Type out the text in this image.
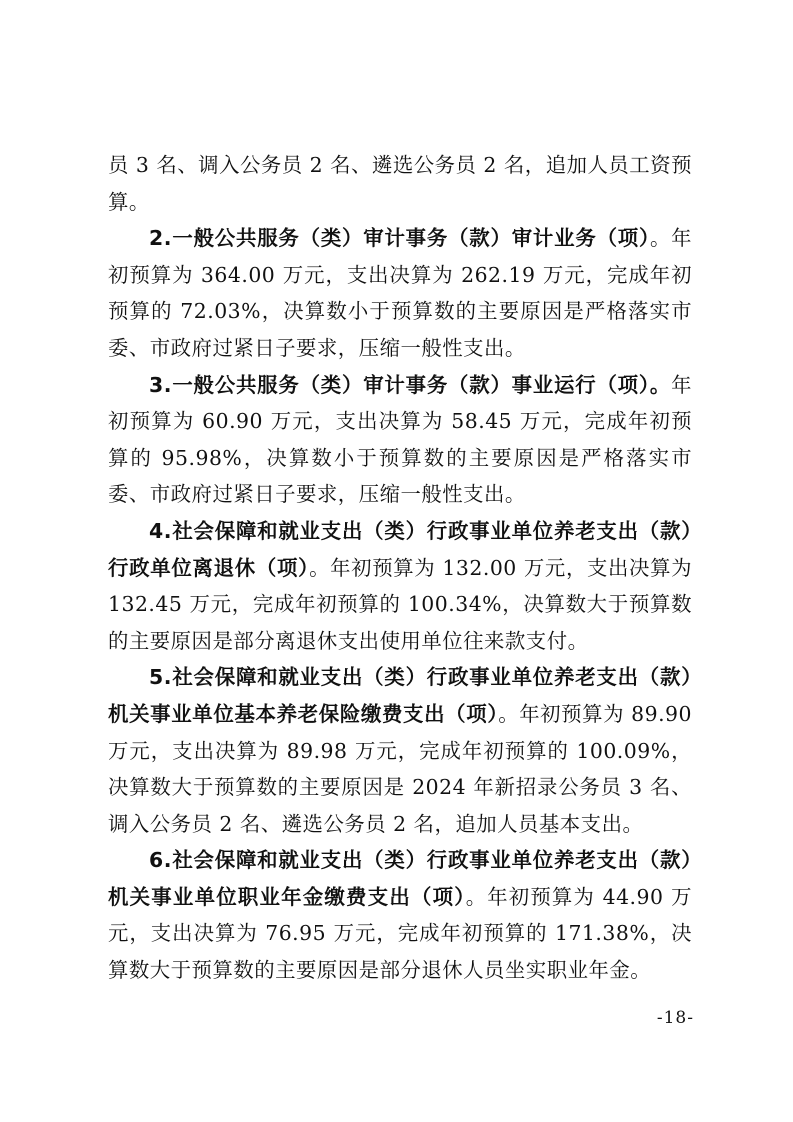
员 3 名、调入公务员 2 名、遴选公务员 2 名，追加人员工资预算。

2.一般公共服务（类）审计事务（款）审计业务（项）。年初预算为 364.00 万元，支出决算为 262.19 万元，完成年初预算的 72.03%，决算数小于预算数的主要原因是严格落实市委、市政府过紧日子要求，压缩一般性支出。

3.一般公共服务（类）审计事务（款）事业运行（项）。年初预算为 60.90 万元，支出决算为 58.45 万元，完成年初预算的 95.98%，决算数小于预算数的主要原因是严格落实市委、市政府过紧日子要求，压缩一般性支出。

4.社会保障和就业支出（类）行政事业单位养老支出（款）行政单位离退休（项）。年初预算为 132.00 万元，支出决算为 132.45 万元，完成年初预算的 100.34%，决算数大于预算数的主要原因是部分离退休支出使用单位往来款支付。

5.社会保障和就业支出（类）行政事业单位养老支出（款）机关事业单位基本养老保险缴费支出（项）。年初预算为 89.90 万元，支出决算为 89.98 万元，完成年初预算的 100.09%，决算数大于预算数的主要原因是 2024 年新招录公务员 3 名、调入公务员 2 名、遴选公务员 2 名，追加人员基本支出。

6.社会保障和就业支出（类）行政事业单位养老支出（款）机关事业单位职业年金缴费支出（项）。年初预算为 44.90 万元，支出决算为 76.95 万元，完成年初预算的 171.38%，决算数大于预算数的主要原因是部分退休人员坐实职业年金。

-18-
